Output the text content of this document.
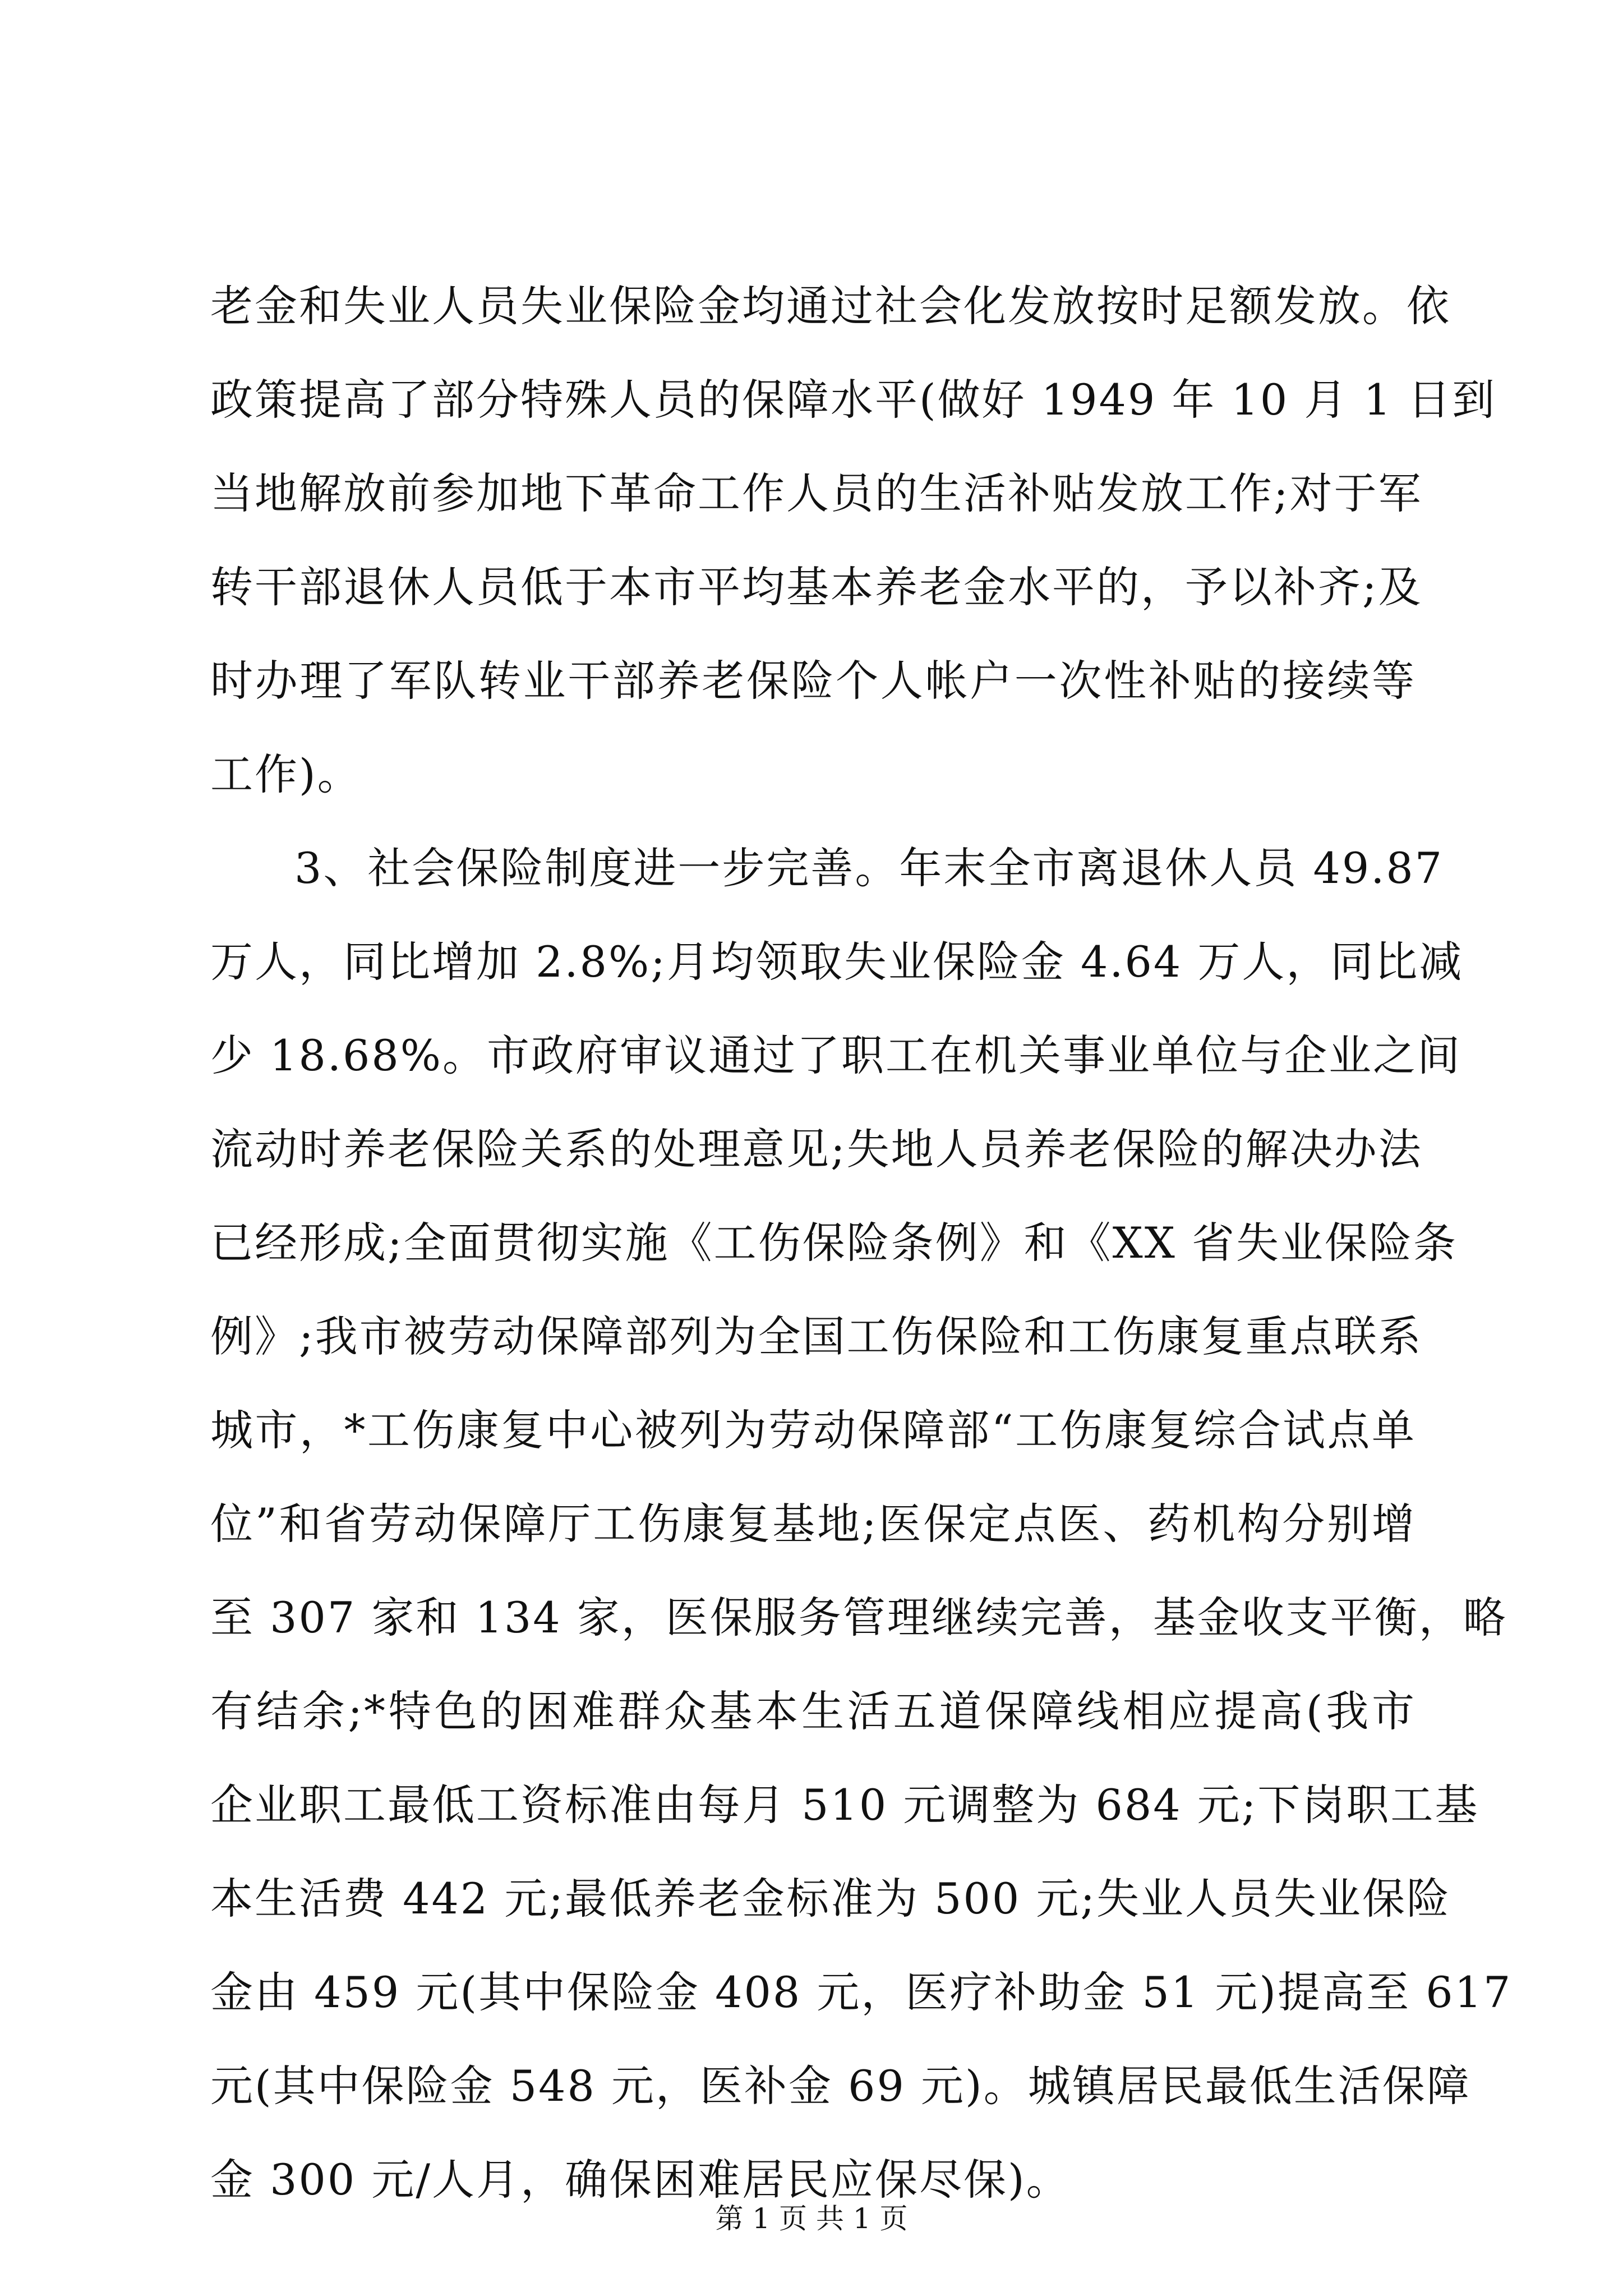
老金和失业人员失业保险金均通过社会化发放按时足额发放。依
政策提高了部分特殊人员的保障水平(做好 1949 年 10 月 1 日到
当地解放前参加地下革命工作人员的生活补贴发放工作;对于军
转干部退休人员低于本市平均基本养老金水平的，予以补齐;及
时办理了军队转业干部养老保险个人帐户一次性补贴的接续等
工作)。
3、社会保险制度进一步完善。年末全市离退休人员 49.87
万人，同比增加 2.8%;月均领取失业保险金 4.64 万人，同比减
少 18.68%。市政府审议通过了职工在机关事业单位与企业之间
流动时养老保险关系的处理意见;失地人员养老保险的解决办法
已经形成;全面贯彻实施《工伤保险条例》和《XX 省失业保险条
例》;我市被劳动保障部列为全国工伤保险和工伤康复重点联系
城市，*工伤康复中心被列为劳动保障部“工伤康复综合试点单
位”和省劳动保障厅工伤康复基地;医保定点医、药机构分别增
至 307 家和 134 家，医保服务管理继续完善，基金收支平衡，略
有结余;*特色的困难群众基本生活五道保障线相应提高(我市
企业职工最低工资标准由每月 510 元调整为 684 元;下岗职工基
本生活费 442 元;最低养老金标准为 500 元;失业人员失业保险
金由 459 元(其中保险金 408 元，医疗补助金 51 元)提高至 617
元(其中保险金 548 元，医补金 69 元)。城镇居民最低生活保障
金 300 元/人月，确保困难居民应保尽保)。
第 1 页 共 1 页
